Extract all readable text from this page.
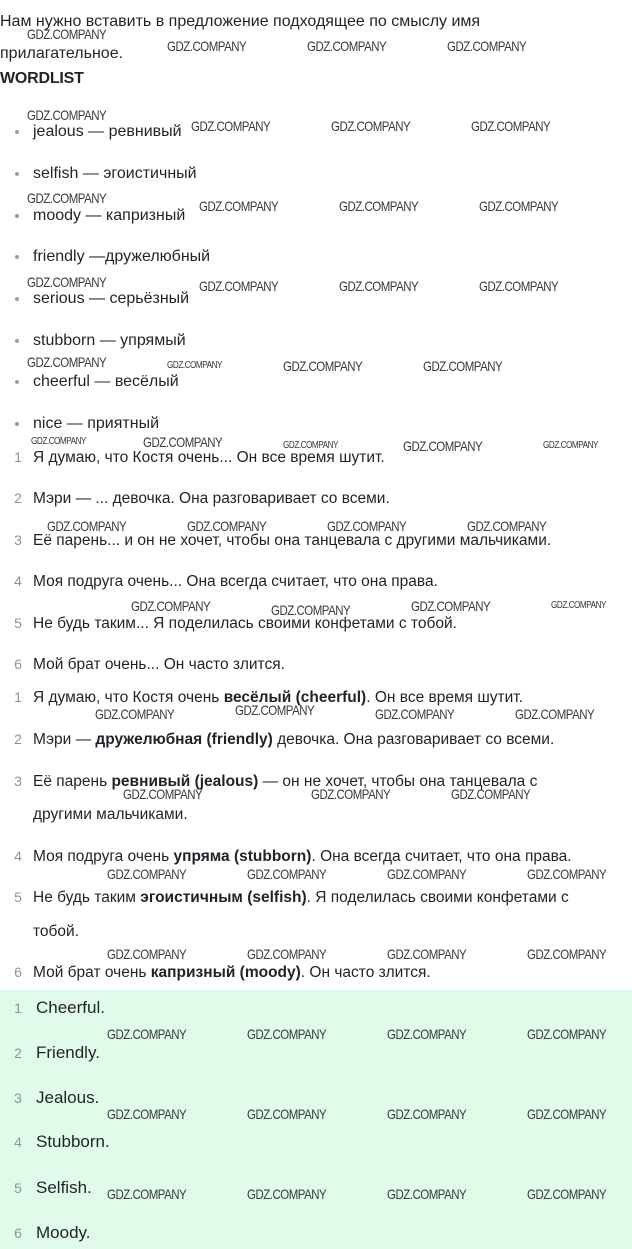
Нам нужно вставить в предложение подходящее по смыслу имя прилагательное.
WORDLIST
jealous — ревнивый
selfish — эгоистичный
moody — капризный
friendly —дружелюбный
serious — серьёзный
stubborn — упрямый
cheerful — весёлый
nice — приятный
1 Я думаю, что Костя очень... Он все время шутит.
2 Мэри — ... девочка. Она разговаривает со всеми.
3 Её парень... и он не хочет, чтобы она танцевала с другими мальчиками.
4 Моя подруга очень... Она всегда считает, что она права.
5 Не будь таким... Я поделилась своими конфетами с тобой.
6 Мой брат очень... Он часто злится.
1 Я думаю, что Костя очень весёлый (cheerful). Он все время шутит.
2 Мэри — дружелюбная (friendly) девочка. Она разговаривает со всеми.
3 Её парень ревнивый (jealous) — он не хочет, чтобы она танцевала с
другими мальчиками.
4 Моя подруга очень упряма (stubborn). Она всегда считает, что она права.
5 Не будь таким эгоистичным (selfish). Я поделилась своими конфетами с
тобой.
6 Мой брат очень капризный (moody). Он часто злится.
1 Cheerful.
2 Friendly.
3 Jealous.
4 Stubborn.
5 Selfish.
6 Moody.
GDZ.COMPANY
GDZ.COMPANY	GDZ.COMPANY	GDZ.COMPANY
GDZ.COMPANY
GDZ.COMPANY	GDZ.COMPANY	GDZ.COMPANY
GDZ.COMPANY	GDZ.COMPANY	GDZ.COMPANY	GDZ.COMPANY
GDZ.COMPANY	GDZ.COMPANY	GDZ.COMPANY	GDZ.COMPANY
GDZ.COMPANY	GDZ.COMPANY	GDZ.COMPANY	GDZ.COMPANY
GDZ.COMPANY	GDZ.COMPANY	GDZ.COMPANY	GDZ.COMPANY	GDZ.COMPANY
GDZ.COMPANY	GDZ.COMPANY	GDZ.COMPANY	GDZ.COMPANY
GDZ.COMPANY	GDZ.COMPANY	GDZ.COMPANY	GDZ.COMPANY
GDZ.COMPANY	GDZ.COMPANY	GDZ.COMPANY	GDZ.COMPANY
GDZ.COMPANY	GDZ.COMPANY	GDZ.COMPANY
GDZ.COMPANY	GDZ.COMPANY	GDZ.COMPANY	GDZ.COMPANY
GDZ.COMPANY	GDZ.COMPANY	GDZ.COMPANY	GDZ.COMPANY
GDZ.COMPANY	GDZ.COMPANY	GDZ.COMPANY	GDZ.COMPANY
GDZ.COMPANY	GDZ.COMPANY	GDZ.COMPANY	GDZ.COMPANY
GDZ.COMPANY	GDZ.COMPANY	GDZ.COMPANY	GDZ.COMPANY
